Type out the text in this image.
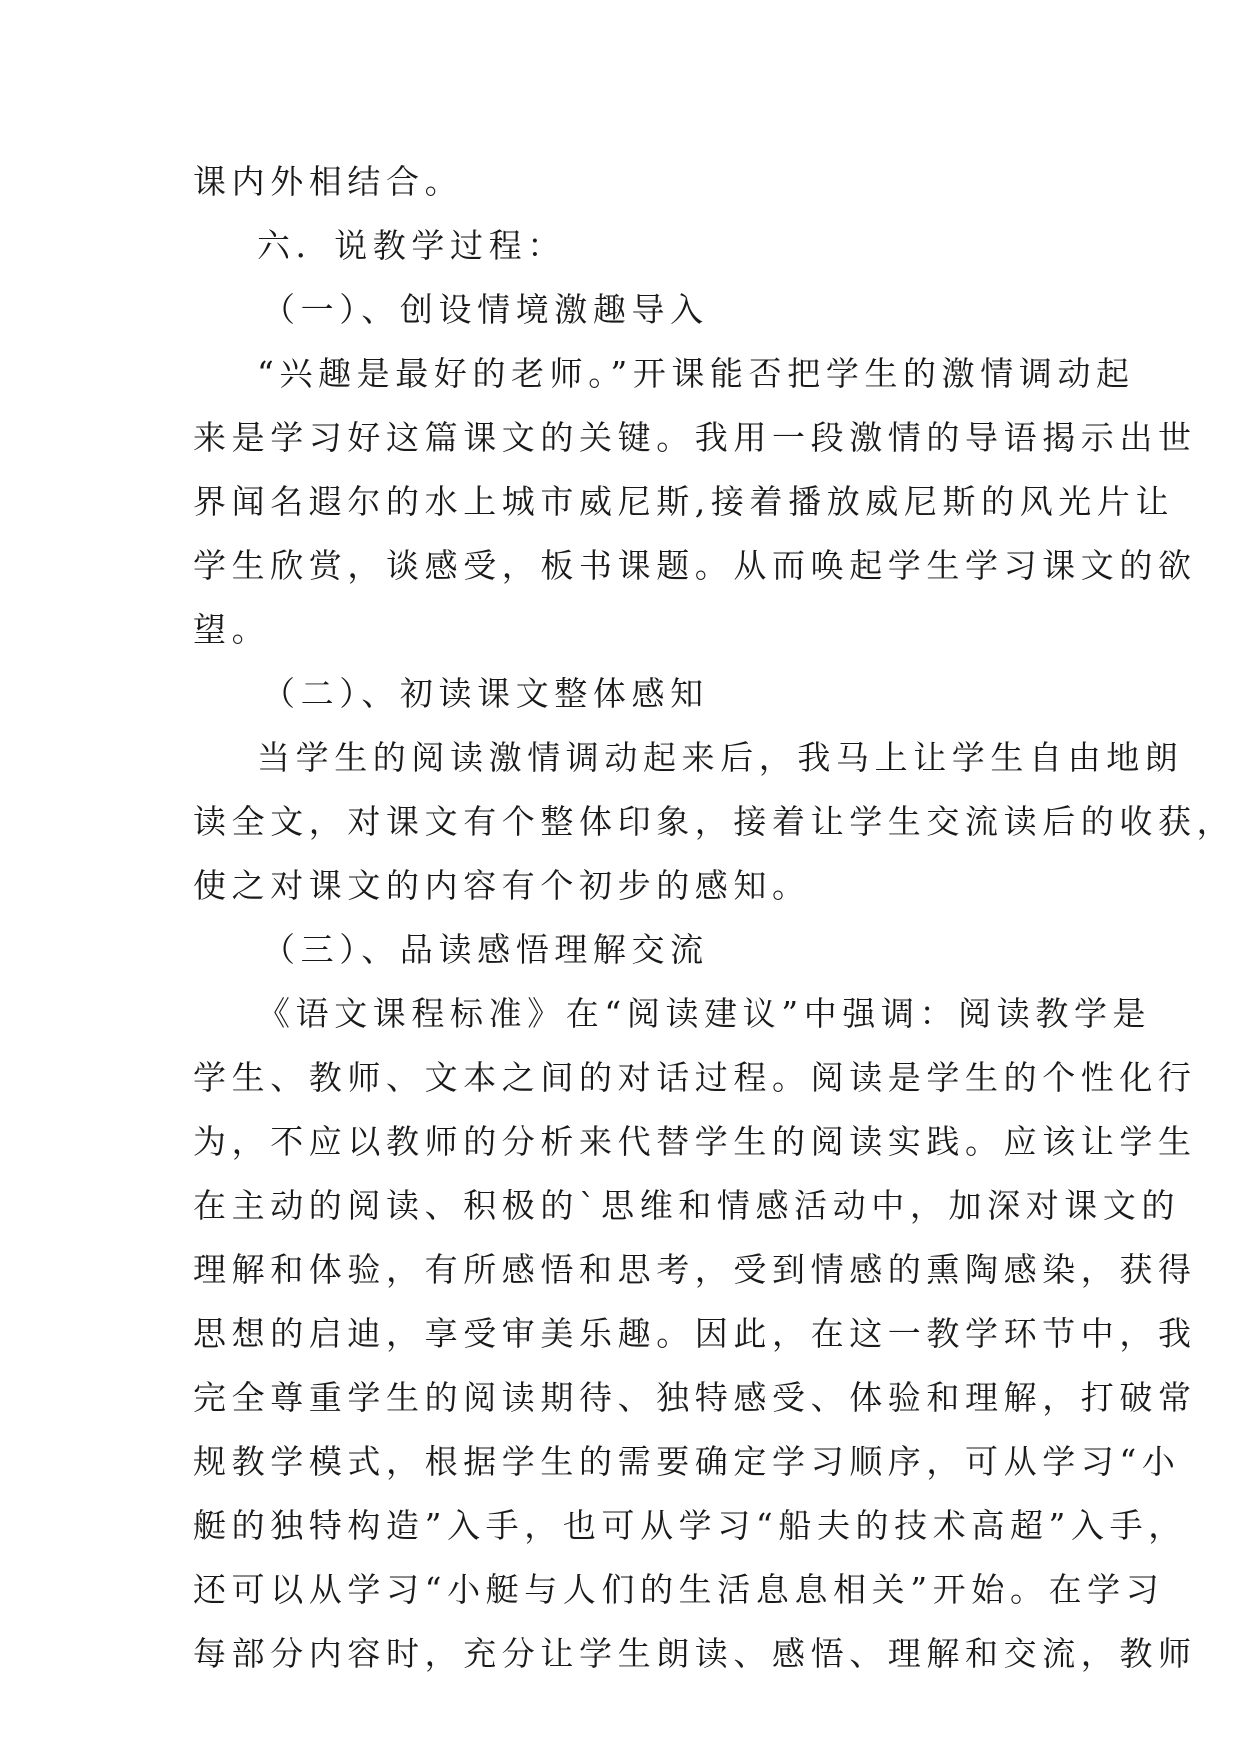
课内外相结合。
六．说教学过程：
（一）、创设情境激趣导入
“兴趣是最好的老师。”开课能否把学生的激情调动起
来是学习好这篇课文的关键。我用一段激情的导语揭示出世
界闻名遐尔的水上城市威尼斯,接着播放威尼斯的风光片让
学生欣赏，谈感受，板书课题。从而唤起学生学习课文的欲
望。
（二）、初读课文整体感知
当学生的阅读激情调动起来后，我马上让学生自由地朗
读全文，对课文有个整体印象，接着让学生交流读后的收获，
使之对课文的内容有个初步的感知。
（三）、品读感悟理解交流
《语文课程标准》在“阅读建议”中强调：阅读教学是
学生、教师、文本之间的对话过程。阅读是学生的个性化行
为，不应以教师的分析来代替学生的阅读实践。应该让学生
在主动的阅读、积极的`思维和情感活动中，加深对课文的
理解和体验，有所感悟和思考，受到情感的熏陶感染，获得
思想的启迪，享受审美乐趣。因此，在这一教学环节中，我
完全尊重学生的阅读期待、独特感受、体验和理解，打破常
规教学模式，根据学生的需要确定学习顺序，可从学习“小
艇的独特构造”入手，也可从学习“船夫的技术高超”入手，
还可以从学习“小艇与人们的生活息息相关”开始。在学习
每部分内容时，充分让学生朗读、感悟、理解和交流，教师
